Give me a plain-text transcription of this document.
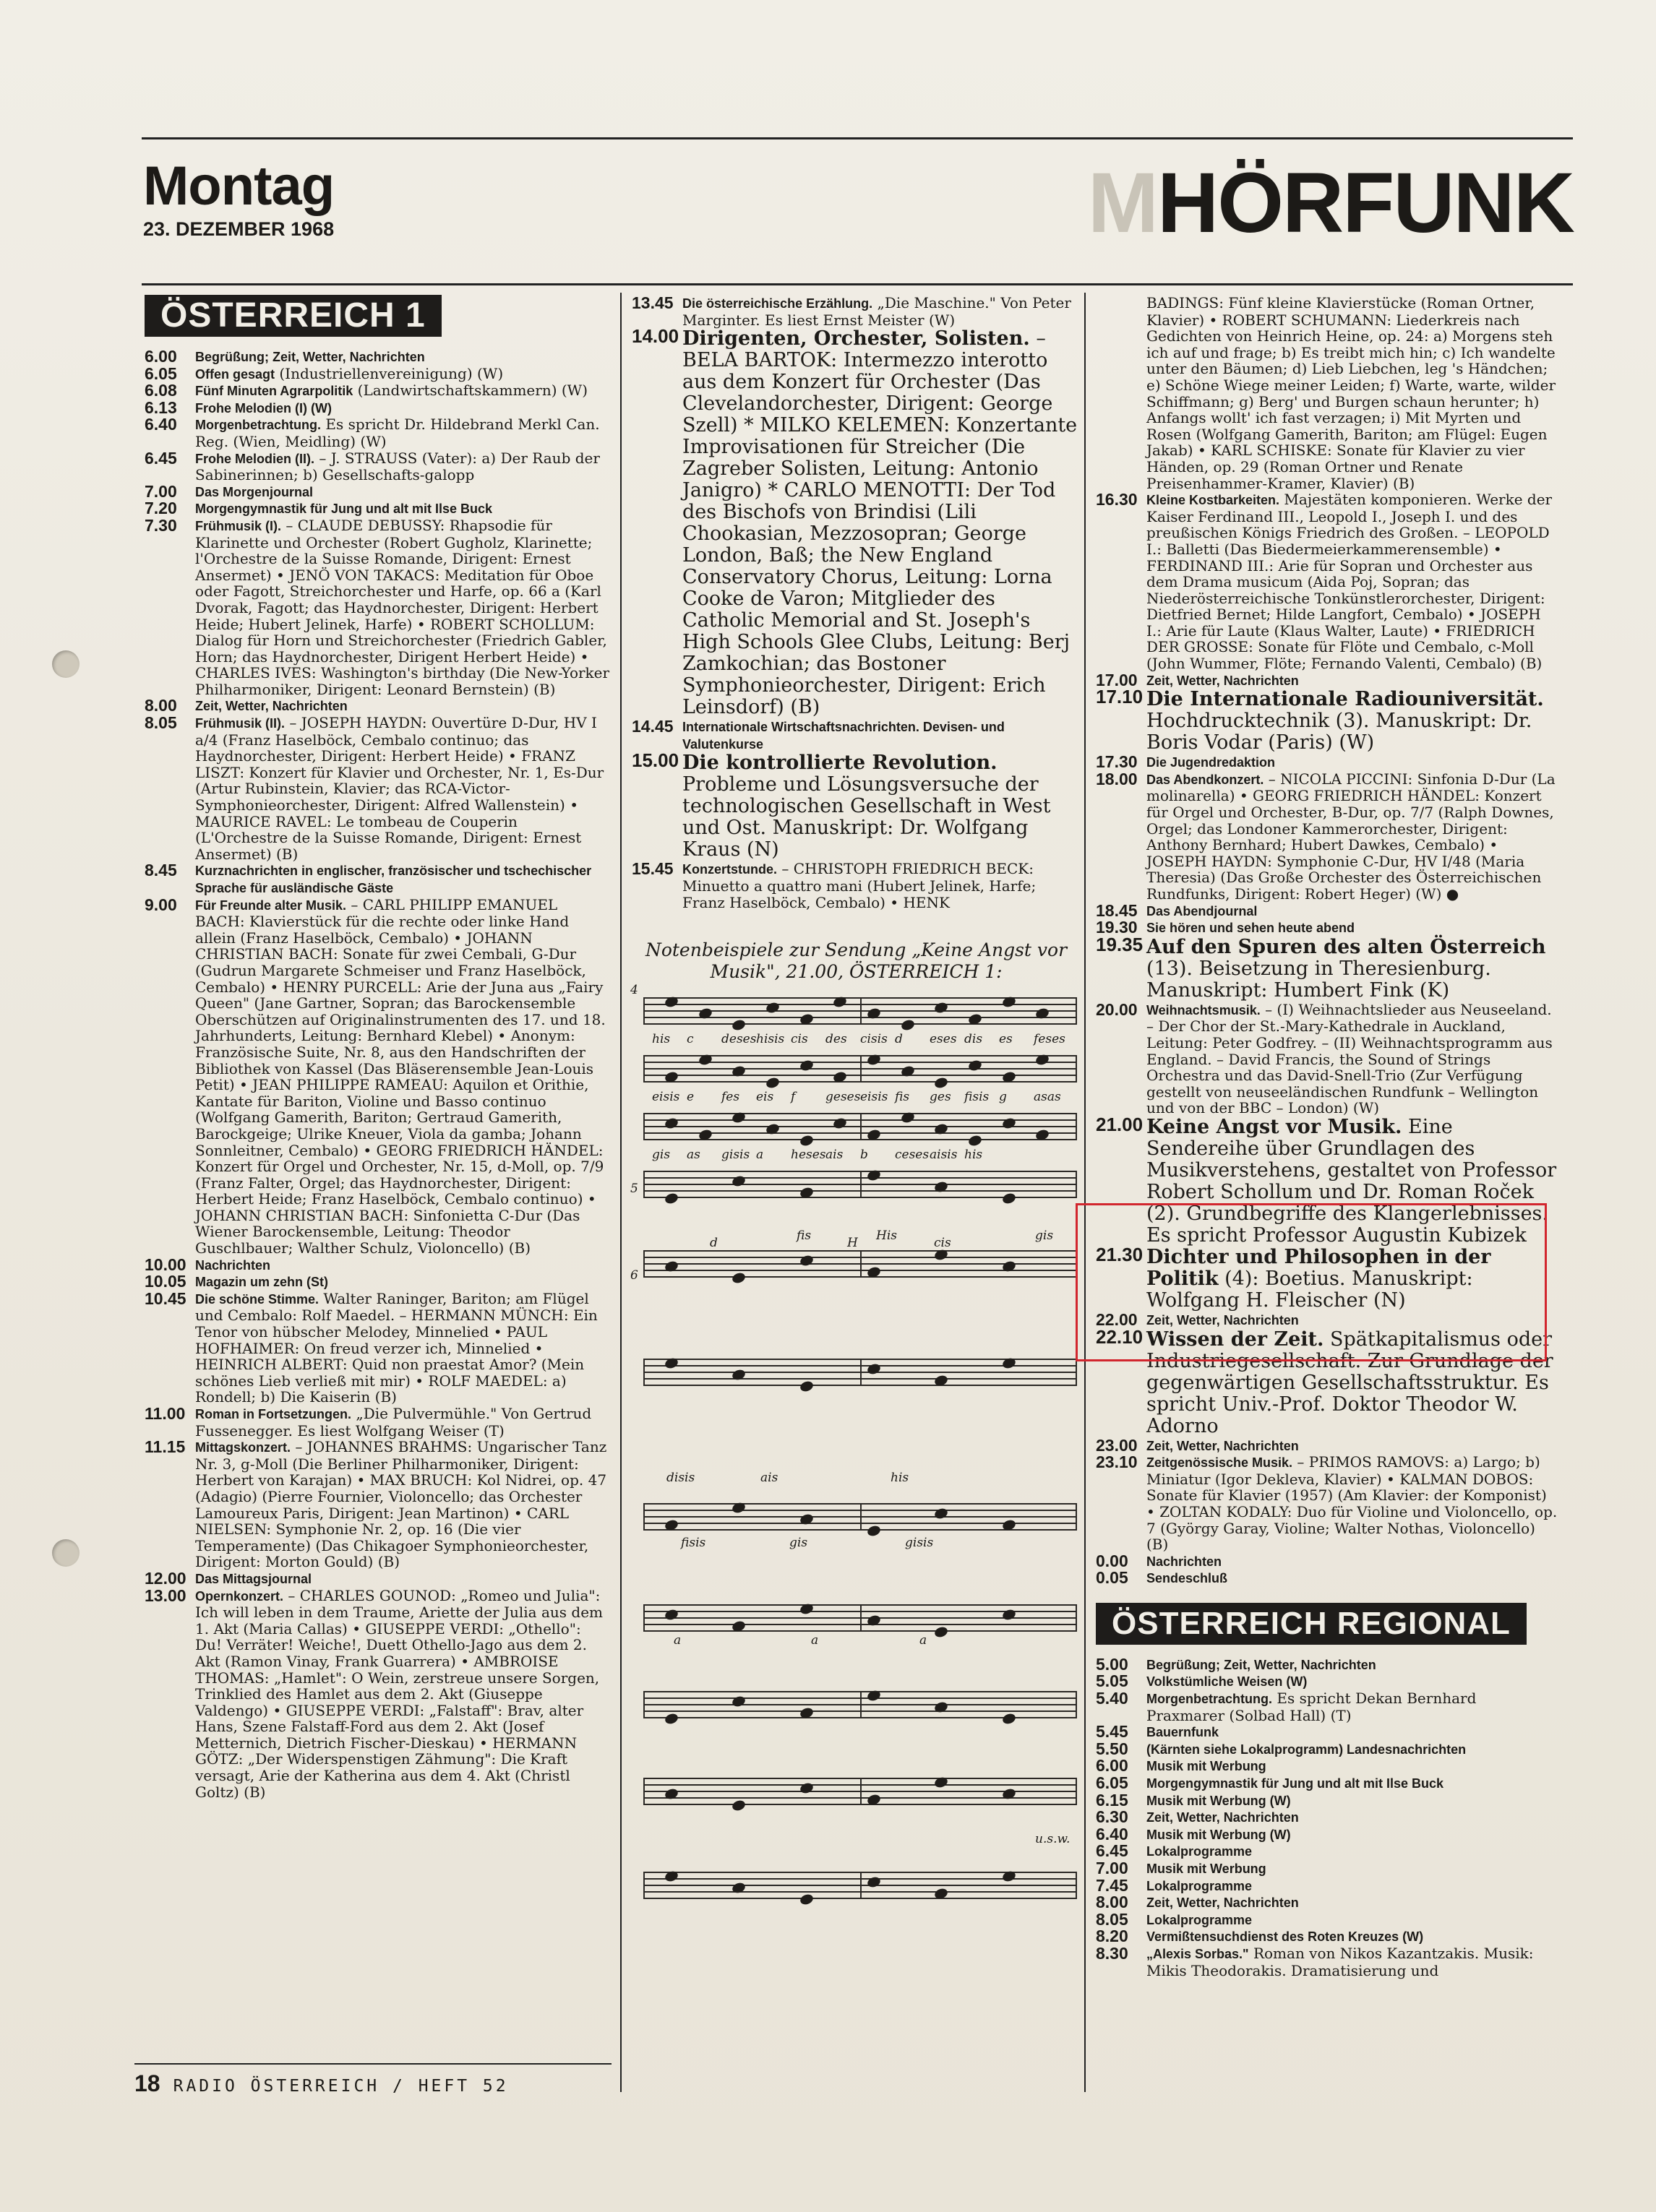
Montag
23. DEZEMBER 1968	MHÖRFUNK
ÖSTERREICH 1
6.00	Begrüßung; Zeit, Wetter, Nachrichten
6.05	Offen gesagt (Industriellenvereinigung) (W)
6.08	Fünf Minuten Agrarpolitik (Landwirtschaftskammern) (W)
6.13	Frohe Melodien (I) (W)
6.40	Morgenbetrachtung. Es spricht Dr. Hildebrand Merkl Can. Reg. (Wien, Meidling) (W)
6.45	Frohe Melodien (II). – J. STRAUSS (Vater): a) Der Raub der Sabinerinnen; b) Gesellschafts-galopp
7.00	Das Morgenjournal
7.20	Morgengymnastik für Jung und alt mit Ilse Buck
7.30	Frühmusik (I). – CLAUDE DEBUSSY: Rhapsodie für Klarinette und Orchester (Robert Gugholz, Klarinette; l'Orchestre de la Suisse Romande, Dirigent: Ernest Ansermet) • JENÖ VON TAKACS: Meditation für Oboe oder Fagott, Streichorchester und Harfe, op. 66 a (Karl Dvorak, Fagott; das Haydnorchester, Dirigent: Herbert Heide; Hubert Jelinek, Harfe) • ROBERT SCHOLLUM: Dialog für Horn und Streichorchester (Friedrich Gabler, Horn; das Haydnorchester, Dirigent Herbert Heide) • CHARLES IVES: Washington's birthday (Die New-Yorker Philharmoniker, Dirigent: Leonard Bernstein) (B)
8.00	Zeit, Wetter, Nachrichten
8.05	Frühmusik (II). – JOSEPH HAYDN: Ouvertüre D-Dur, HV I a/4 (Franz Haselböck, Cembalo continuo; das Haydnorchester, Dirigent: Herbert Heide) • FRANZ LISZT: Konzert für Klavier und Orchester, Nr. 1, Es-Dur (Artur Rubinstein, Klavier; das RCA-Victor-Symphonieorchester, Dirigent: Alfred Wallenstein) • MAURICE RAVEL: Le tombeau de Couperin (L'Orchestre de la Suisse Romande, Dirigent: Ernest Ansermet) (B)
8.45	Kurznachrichten in englischer, französischer und tschechischer Sprache für ausländische Gäste
9.00	Für Freunde alter Musik. – CARL PHILIPP EMANUEL BACH: Klavierstück für die rechte oder linke Hand allein (Franz Haselböck, Cembalo) • JOHANN CHRISTIAN BACH: Sonate für zwei Cembali, G-Dur (Gudrun Margarete Schmeiser und Franz Haselböck, Cembalo) • HENRY PURCELL: Arie der Juna aus „Fairy Queen" (Jane Gartner, Sopran; das Barockensemble Oberschützen auf Originalinstrumenten des 17. und 18. Jahrhunderts, Leitung: Bernhard Klebel) • Anonym: Französische Suite, Nr. 8, aus den Handschriften der Bibliothek von Kassel (Das Bläserensemble Jean-Louis Petit) • JEAN PHILIPPE RAMEAU: Aquilon et Orithie, Kantate für Bariton, Violine und Basso continuo (Wolfgang Gamerith, Bariton; Gertraud Gamerith, Barockgeige; Ulrike Kneuer, Viola da gamba; Johann Sonnleitner, Cembalo) • GEORG FRIEDRICH HÄNDEL: Konzert für Orgel und Orchester, Nr. 15, d-Moll, op. 7/9 (Franz Falter, Orgel; das Haydnorchester, Dirigent: Herbert Heide; Franz Haselböck, Cembalo continuo) • JOHANN CHRISTIAN BACH: Sinfonietta C-Dur (Das Wiener Barockensemble, Leitung: Theodor Guschlbauer; Walther Schulz, Violoncello) (B)
10.00 Nachrichten
10.05 Magazin um zehn (St)
10.45 Die schöne Stimme. Walter Raninger, Bariton; am Flügel und Cembalo: Rolf Maedel. – HERMANN MÜNCH: Ein Tenor von hübscher Melodey, Minnelied • PAUL HOFHAIMER: On freud verzer ich, Minnelied • HEINRICH ALBERT: Quid non praestat Amor? (Mein schönes Lieb verließ mit mir) • ROLF MAEDEL: a) Rondell; b) Die Kaiserin (B)
11.00 Roman in Fortsetzungen. „Die Pulvermühle." Von Gertrud Fussenegger. Es liest Wolfgang Weiser (T)
11.15 Mittagskonzert. – JOHANNES BRAHMS: Ungarischer Tanz Nr. 3, g-Moll (Die Berliner Philharmoniker, Dirigent: Herbert von Karajan) • MAX BRUCH: Kol Nidrei, op. 47 (Adagio) (Pierre Fournier, Violoncello; das Orchester Lamoureux Paris, Dirigent: Jean Martinon) • CARL NIELSEN: Symphonie Nr. 2, op. 16 (Die vier Temperamente) (Das Chikagoer Symphonieorchester, Dirigent: Morton Gould) (B)
12.00 Das Mittagsjournal
13.00 Opernkonzert. – CHARLES GOUNOD: „Romeo und Julia": Ich will leben in dem Traume, Ariette der Julia aus dem 1. Akt (Maria Callas) • GIUSEPPE VERDI: „Othello": Du! Verräter! Weiche!, Duett Othello-Jago aus dem 2. Akt (Ramon Vinay, Frank Guarrera) • AMBROISE THOMAS: „Hamlet": O Wein, zerstreue unsere Sorgen, Trinklied des Hamlet aus dem 2. Akt (Giuseppe Valdengo) • GIUSEPPE VERDI: „Falstaff": Brav, alter Hans, Szene Falstaff-Ford aus dem 2. Akt (Josef Metternich, Dietrich Fischer-Dieskau) • HERMANN GÖTZ: „Der Widerspenstigen Zähmung": Die Kraft versagt, Arie der Katherina aus dem 4. Akt (Christl Goltz) (B)
13.45 Die österreichische Erzählung. „Die Maschine." Von Peter Marginter. Es liest Ernst Meister (W)
14.00 Dirigenten, Orchester, Solisten. – BELA BARTOK: Intermezzo interotto aus dem Konzert für Orchester (Das Clevelandorchester, Dirigent: George Szell) * MILKO KELEMEN: Konzertante Improvisationen für Streicher (Die Zagreber Solisten, Leitung: Antonio Janigro) * CARLO MENOTTI: Der Tod des Bischofs von Brindisi (Lili Chookasian, Mezzosopran; George London, Baß; the New England Conservatory Chorus, Leitung: Lorna Cooke de Varon; Mitglieder des Catholic Memorial and St. Joseph's High Schools Glee Clubs, Leitung: Berj Zamkochian; das Bostoner Symphonieorchester, Dirigent: Erich Leinsdorf) (B)
14.45 Internationale Wirtschaftsnachrichten. Devisen- und Valutenkurse
15.00 Die kontrollierte Revolution. Probleme und Lösungsversuche der technologischen Gesellschaft in West und Ost. Manuskript: Dr. Wolfgang Kraus (N)
15.45 Konzertstunde. – CHRISTOPH FRIEDRICH BECK: Minuetto a quattro mani (Hubert Jelinek, Harfe; Franz Haselböck, Cembalo) • HENK
Notenbeispiele zur Sendung „Keine Angst vor Musik", 21.00, ÖSTERREICH 1:
his c deses hisis cis des cisis d eses dis es feses
eisis e fes eis f geses eisis fis ges fisis g asas
gis as gisis a heses ais b ceses aisis his
4
5
6
d	fis	H His	cis	gis
disis	ais	his
fisis	gis	gisis
a	a	a
u.s.w.
BADINGS: Fünf kleine Klavierstücke (Roman Ortner, Klavier) • ROBERT SCHUMANN: Liederkreis nach Gedichten von Heinrich Heine, op. 24: a) Morgens steh ich auf und frage; b) Es treibt mich hin; c) Ich wandelte unter den Bäumen; d) Lieb Liebchen, leg 's Händchen; e) Schöne Wiege meiner Leiden; f) Warte, warte, wilder Schiffmann; g) Berg' und Burgen schaun herunter; h) Anfangs wollt' ich fast verzagen; i) Mit Myrten und Rosen (Wolfgang Gamerith, Bariton; am Flügel: Eugen Jakab) • KARL SCHISKE: Sonate für Klavier zu vier Händen, op. 29 (Roman Ortner und Renate Preisenhammer-Kramer, Klavier) (B)
16.30 Kleine Kostbarkeiten. Majestäten komponieren. Werke der Kaiser Ferdinand III., Leopold I., Joseph I. und des preußischen Königs Friedrich des Großen. – LEOPOLD I.: Balletti (Das Biedermeierkammerensemble) • FERDINAND III.: Arie für Sopran und Orchester aus dem Drama musicum (Aida Poj, Sopran; das Niederösterreichische Tonkünstlerorchester, Dirigent: Dietfried Bernet; Hilde Langfort, Cembalo) • JOSEPH I.: Arie für Laute (Klaus Walter, Laute) • FRIEDRICH DER GROSSE: Sonate für Flöte und Cembalo, c-Moll (John Wummer, Flöte; Fernando Valenti, Cembalo) (B)
17.00 Zeit, Wetter, Nachrichten
17.10 Die Internationale Radiouniversität. Hochdrucktechnik (3). Manuskript: Dr. Boris Vodar (Paris) (W)
17.30 Die Jugendredaktion
18.00 Das Abendkonzert. – NICOLA PICCINI: Sinfonia D-Dur (La molinarella) • GEORG FRIEDRICH HÄNDEL: Konzert für Orgel und Orchester, B-Dur, op. 7/7 (Ralph Downes, Orgel; das Londoner Kammerorchester, Dirigent: Anthony Bernhard; Hubert Dawkes, Cembalo) • JOSEPH HAYDN: Symphonie C-Dur, HV I/48 (Maria Theresia) (Das Große Orchester des Österreichischen Rundfunks, Dirigent: Robert Heger) (W) ●
18.45 Das Abendjournal
19.30 Sie hören und sehen heute abend
19.35 Auf den Spuren des alten Österreich (13). Beisetzung in Theresienburg. Manuskript: Humbert Fink (K)
20.00 Weihnachtsmusik. – (I) Weihnachtslieder aus Neuseeland. – Der Chor der St.-Mary-Kathedrale in Auckland, Leitung: Peter Godfrey. – (II) Weihnachtsprogramm aus England. – David Francis, the Sound of Strings Orchestra und das David-Snell-Trio (Zur Verfügung gestellt von neuseeländischen Rundfunk – Wellington und von der BBC – London) (W)
21.00 Keine Angst vor Musik. Eine Sendereihe über Grundlagen des Musikverstehens, gestaltet von Professor Robert Schollum und Dr. Roman Roček (2). Grundbegriffe des Klangerlebnisses. Es spricht Professor Augustin Kubizek
21.30 Dichter und Philosophen in der Politik (4): Boetius. Manuskript: Wolfgang H. Fleischer (N)
22.00 Zeit, Wetter, Nachrichten
22.10 Wissen der Zeit. Spätkapitalismus oder Industriegesellschaft. Zur Grundlage der gegenwärtigen Gesellschaftsstruktur. Es spricht Univ.-Prof. Doktor Theodor W. Adorno
23.00 Zeit, Wetter, Nachrichten
23.10 Zeitgenössische Musik. – PRIMOS RAMOVS: a) Largo; b) Miniatur (Igor Dekleva, Klavier) • KALMAN DOBOS: Sonate für Klavier (1957) (Am Klavier: der Komponist) • ZOLTAN KODALY: Duo für Violine und Violoncello, op. 7 (György Garay, Violine; Walter Nothas, Violoncello) (B)
0.00	Nachrichten
0.05	Sendeschluß
ÖSTERREICH REGIONAL
5.00	Begrüßung; Zeit, Wetter, Nachrichten
5.05	Volkstümliche Weisen (W)
5.40	Morgenbetrachtung. Es spricht Dekan Bernhard Praxmarer (Solbad Hall) (T)
5.45	Bauernfunk
5.50	(Kärnten siehe Lokalprogramm) Landesnachrichten
6.00	Musik mit Werbung
6.05	Morgengymnastik für Jung und alt mit Ilse Buck
6.15	Musik mit Werbung (W)
6.30	Zeit, Wetter, Nachrichten
6.40	Musik mit Werbung (W)
6.45	Lokalprogramme
7.00	Musik mit Werbung
7.45	Lokalprogramme
8.00	Zeit, Wetter, Nachrichten
8.05	Lokalprogramme
8.20	Vermißtensuchdienst des Roten Kreuzes (W)
8.30	„Alexis Sorbas." Roman von Nikos Kazantzakis. Musik: Mikis Theodorakis. Dramatisierung und
18 RADIO ÖSTERREICH / HEFT 52
